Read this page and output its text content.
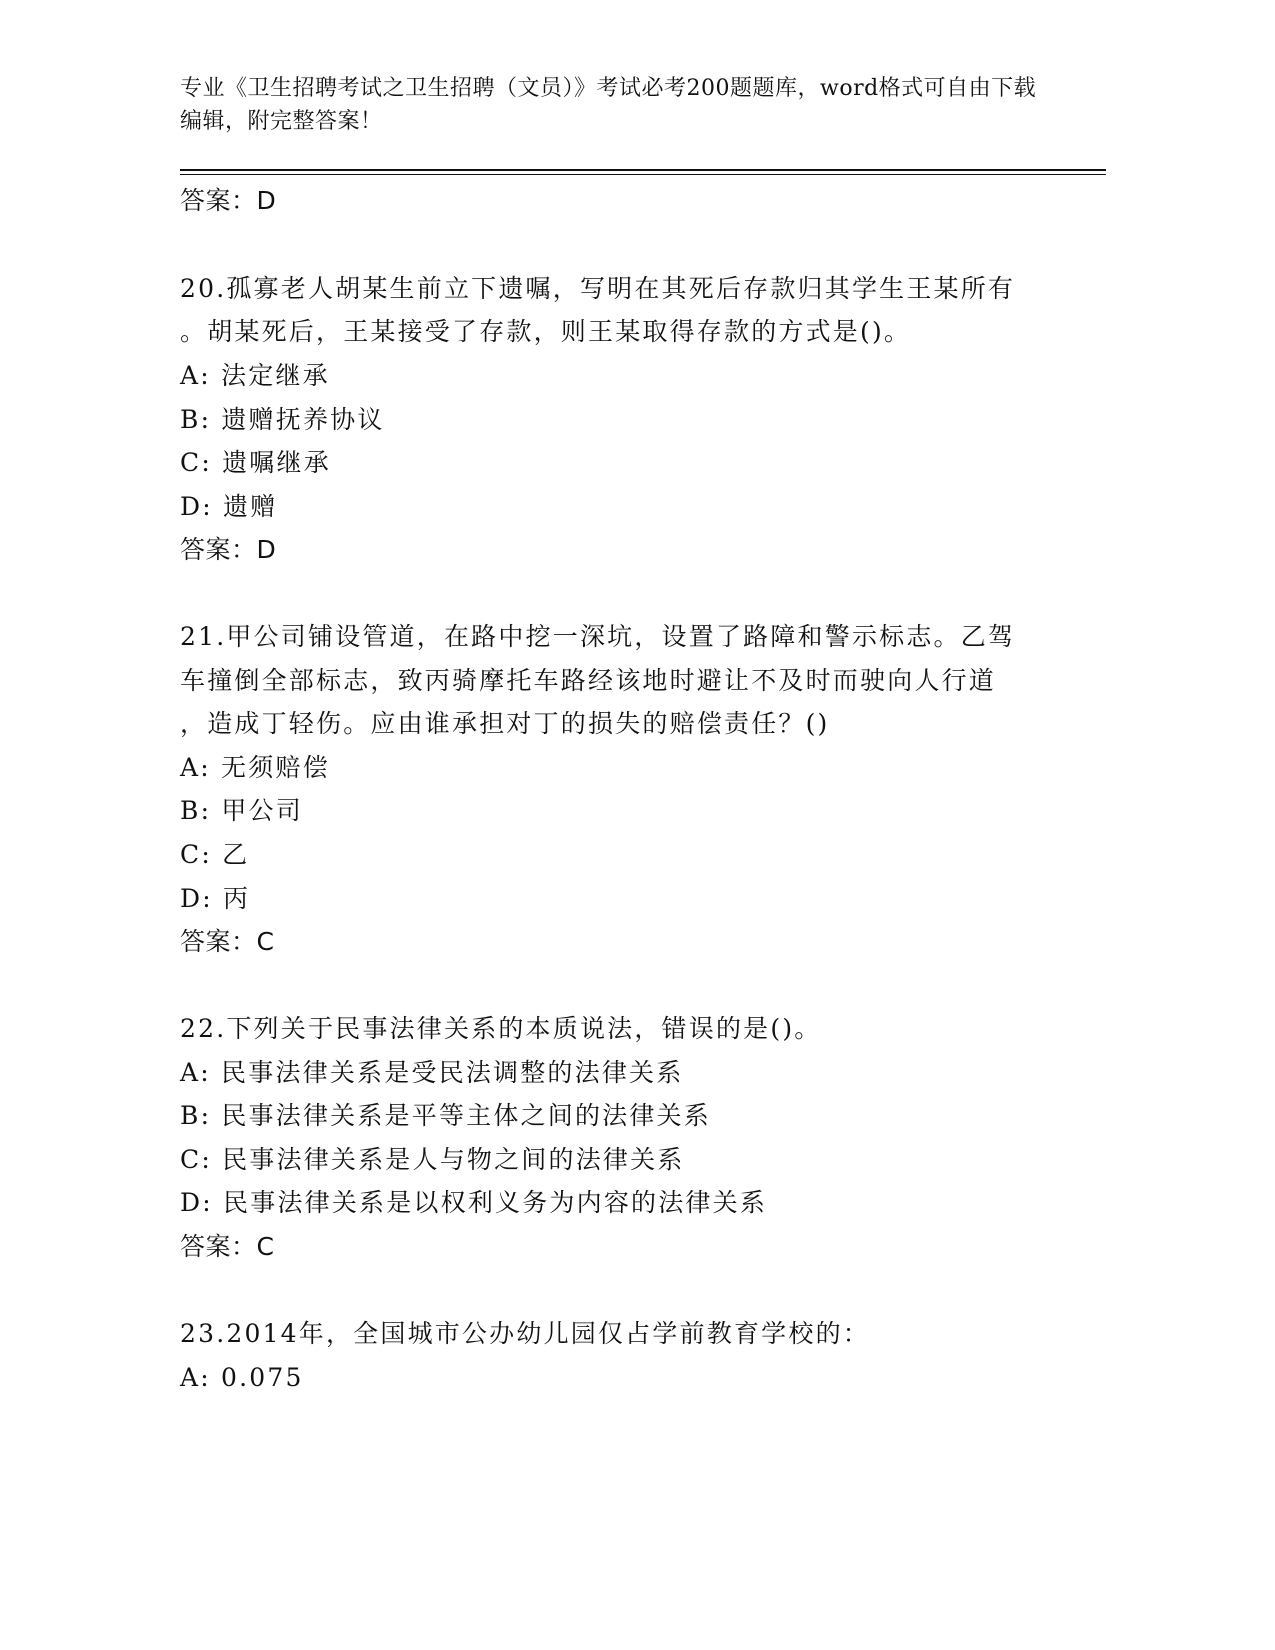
专业《卫生招聘考试之卫生招聘（文员）》考试必考200题题库，word格式可自由下载编辑，附完整答案！
答案：D
20.孤寡老人胡某生前立下遗嘱，写明在其死后存款归其学生王某所有
。胡某死后，王某接受了存款，则王某取得存款的方式是()。
A: 法定继承
B: 遗赠抚养协议
C: 遗嘱继承
D: 遗赠
答案：D
21.甲公司铺设管道，在路中挖一深坑，设置了路障和警示标志。乙驾
车撞倒全部标志，致丙骑摩托车路经该地时避让不及时而驶向人行道
，造成丁轻伤。应由谁承担对丁的损失的赔偿责任？()
A: 无须赔偿
B: 甲公司
C: 乙
D: 丙
答案：C
22.下列关于民事法律关系的本质说法，错误的是()。
A: 民事法律关系是受民法调整的法律关系
B: 民事法律关系是平等主体之间的法律关系
C: 民事法律关系是人与物之间的法律关系
D: 民事法律关系是以权利义务为内容的法律关系
答案：C
23.2014年，全国城市公办幼儿园仅占学前教育学校的：
A: 0.075
